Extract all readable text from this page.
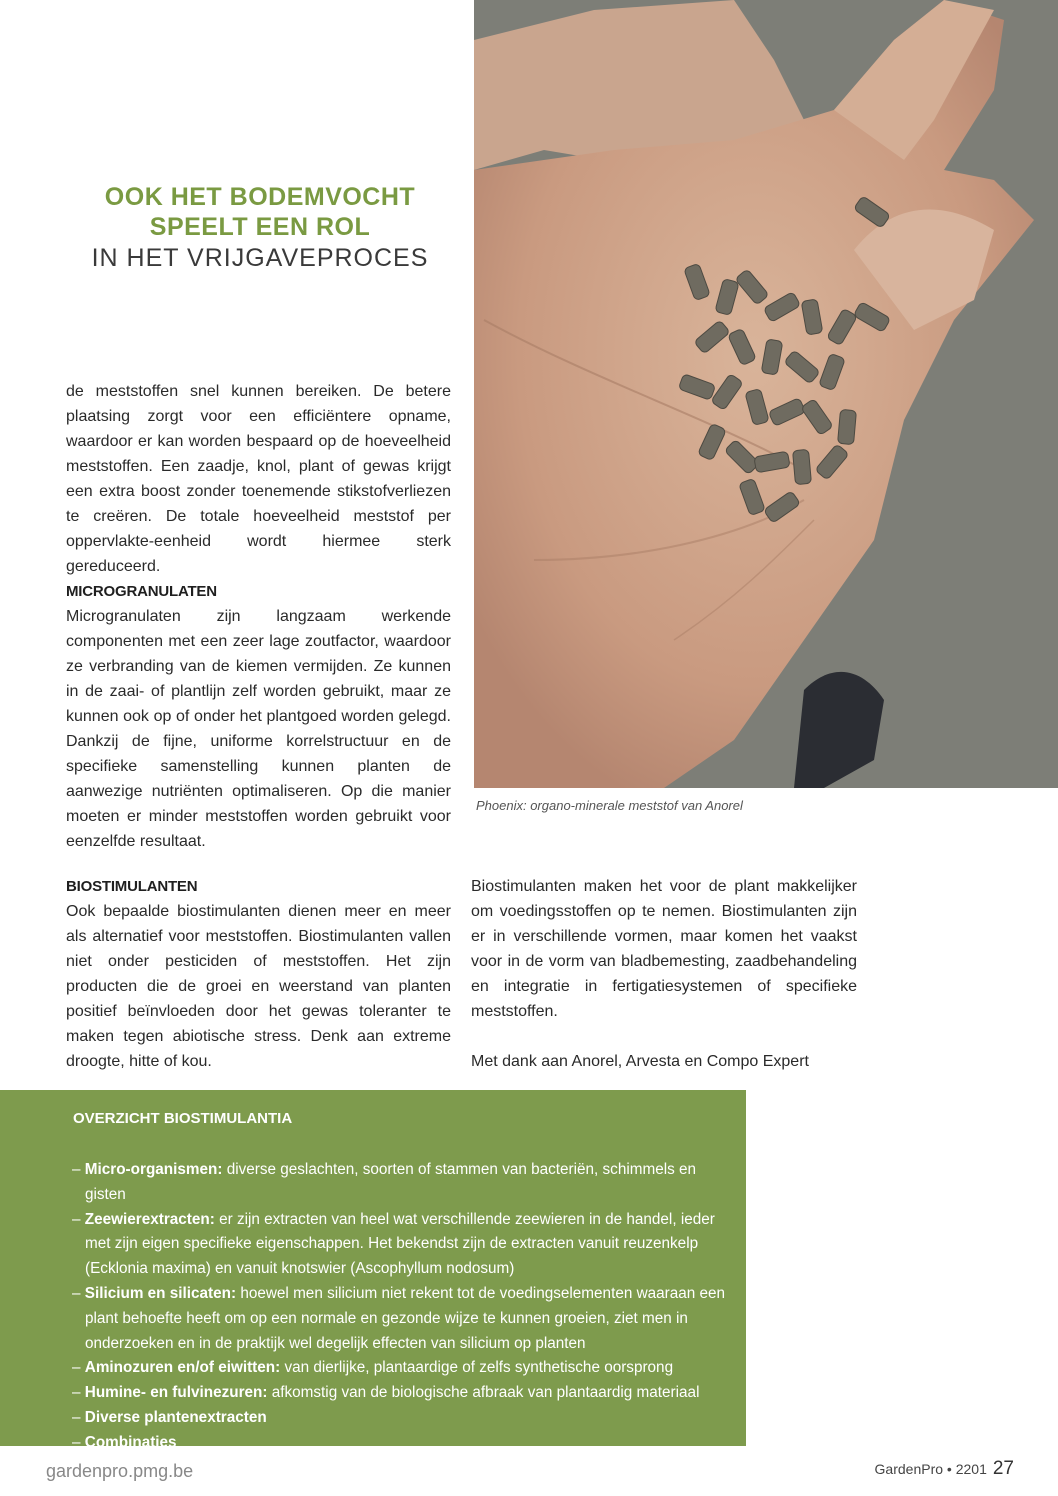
Phoenix: organo-minerale meststof van Anorel
OOK HET BODEMVOCHT
SPEELT EEN ROL
IN HET VRIJGAVEPROCES

de meststoffen snel kunnen bereiken. De betere plaatsing zorgt voor een efficiëntere opname, waardoor er kan worden bespaard op de hoeveelheid meststoffen. Een zaadje, knol, plant of gewas krijgt een extra boost zonder toenemende stikstofverliezen te creëren. De totale hoeveelheid meststof per oppervlakte-eenheid wordt hiermee sterk gereduceerd.

MICROGRANULATEN

Microgranulaten zijn langzaam werkende componenten met een zeer lage zoutfactor, waardoor ze verbranding van de kiemen vermijden. Ze kunnen in de zaai- of plantlijn zelf worden gebruikt, maar ze kunnen ook op of onder het plantgoed worden gelegd. Dankzij de fijne, uniforme korrelstructuur en de specifieke samenstelling kunnen planten de aanwezige nutriënten optimaliseren. Op die manier moeten er minder meststoffen worden gebruikt voor eenzelfde resultaat.

BIOSTIMULANTEN

Ook bepaalde biostimulanten dienen meer en meer als alternatief voor meststoffen. Biostimulanten vallen niet onder pesticiden of meststoffen. Het zijn producten die de groei en weerstand van planten positief beïnvloeden door het gewas toleranter te maken tegen abiotische stress. Denk aan extreme droogte, hitte of kou.

Biostimulanten maken het voor de plant makkelijker om voedingsstoffen op te nemen. Biostimulanten zijn er in verschillende vormen, maar komen het vaakst voor in de vorm van bladbemesting, zaadbehandeling en integratie in fertigatiesystemen of specifieke meststoffen.

Met dank aan Anorel, Arvesta en Compo Expert

OVERZICHT BIOSTIMULANTIA
– Micro-organismen: diverse geslachten, soorten of stammen van bacteriën, schimmels en gisten
– Zeewierextracten: er zijn extracten van heel wat verschillende zeewieren in de handel, ieder met zijn eigen specifieke eigenschappen. Het bekendst zijn de extracten vanuit reuzenkelp (Ecklonia maxima) en vanuit knotswier (Ascophyllum nodosum)
– Silicium en silicaten: hoewel men silicium niet rekent tot de voedingselementen waaraan een plant behoefte heeft om op een normale en gezonde wijze te kunnen groeien, ziet men in onderzoeken en in de praktijk wel degelijk effecten van silicium op planten
– Aminozuren en/of eiwitten: van dierlijke, plantaardige of zelfs synthetische oorsprong
– Humine- en fulvinezuren: afkomstig van de biologische afbraak van plantaardig materiaal
– Diverse plantenextracten
– Combinaties
gardenpro.pmg.be	GardenPro • 2201 27
